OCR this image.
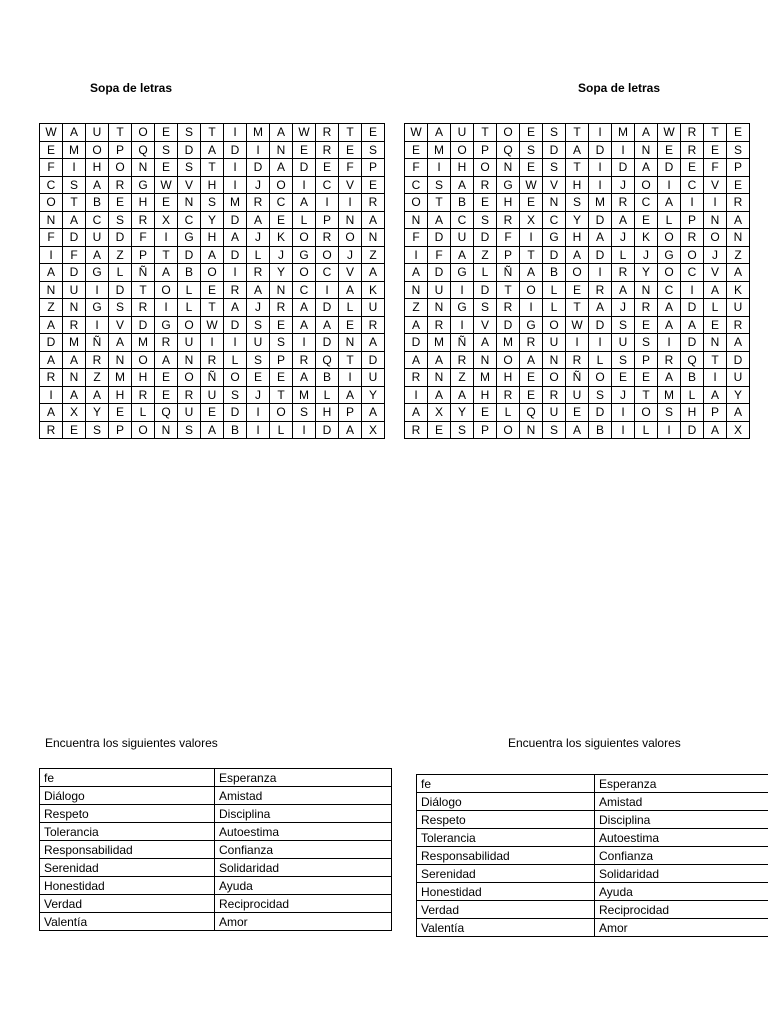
Sopa de letras	Sopa de letras
W	A	U	T	O	E	S	T	I	M	A	W	R	T	E
E	M	O	P	Q	S	D	A	D	I	N	E	R	E	S
F	I	H	O	N	E	S	T	I	D	A	D	E	F	P
C	S	A	R	G	W	V	H	I	J	O	I	C	V	E
O	T	B	E	H	E	N	S	M	R	C	A	I	I	R
N	A	C	S	R	X	C	Y	D	A	E	L	P	N	A
F	D	U	D	F	I	G	H	A	J	K	O	R	O	N
I	F	A	Z	P	T	D	A	D	L	J	G	O	J	Z
A	D	G	L	Ñ	A	B	O	I	R	Y	O	C	V	A
N	U	I	D	T	O	L	E	R	A	N	C	I	A	K
Z	N	G	S	R	I	L	T	A	J	R	A	D	L	U
A	R	I	V	D	G	O	W	D	S	E	A	A	E	R
D	M	Ñ	A	M	R	U	I	I	U	S	I	D	N	A
A	A	R	N	O	A	N	R	L	S	P	R	Q	T	D
R	N	Z	M	H	E	O	Ñ	O	E	E	A	B	I	U
I	A	A	H	R	E	R	U	S	J	T	M	L	A	Y
A	X	Y	E	L	Q	U	E	D	I	O	S	H	P	A
R	E	S	P	O	N	S	A	B	I	L	I	D	A	X
W	A	U	T	O	E	S	T	I	M	A	W	R	T	E
E	M	O	P	Q	S	D	A	D	I	N	E	R	E	S
F	I	H	O	N	E	S	T	I	D	A	D	E	F	P
C	S	A	R	G	W	V	H	I	J	O	I	C	V	E
O	T	B	E	H	E	N	S	M	R	C	A	I	I	R
N	A	C	S	R	X	C	Y	D	A	E	L	P	N	A
F	D	U	D	F	I	G	H	A	J	K	O	R	O	N
I	F	A	Z	P	T	D	A	D	L	J	G	O	J	Z
A	D	G	L	Ñ	A	B	O	I	R	Y	O	C	V	A
N	U	I	D	T	O	L	E	R	A	N	C	I	A	K
Z	N	G	S	R	I	L	T	A	J	R	A	D	L	U
A	R	I	V	D	G	O	W	D	S	E	A	A	E	R
D	M	Ñ	A	M	R	U	I	I	U	S	I	D	N	A
A	A	R	N	O	A	N	R	L	S	P	R	Q	T	D
R	N	Z	M	H	E	O	Ñ	O	E	E	A	B	I	U
I	A	A	H	R	E	R	U	S	J	T	M	L	A	Y
A	X	Y	E	L	Q	U	E	D	I	O	S	H	P	A
R	E	S	P	O	N	S	A	B	I	L	I	D	A	X

Encuentra los siguientes valores	Encuentra los siguientes valores

fe	Esperanza
Diálogo	Amistad
Respeto	Disciplina
Tolerancia	Autoestima
Responsabilidad	Confianza
Serenidad	Solidaridad
Honestidad	Ayuda
Verdad	Reciprocidad
Valentía	Amor
fe	Esperanza
Diálogo	Amistad
Respeto	Disciplina
Tolerancia	Autoestima
Responsabilidad	Confianza
Serenidad	Solidaridad
Honestidad	Ayuda
Verdad	Reciprocidad
Valentía	Amor
